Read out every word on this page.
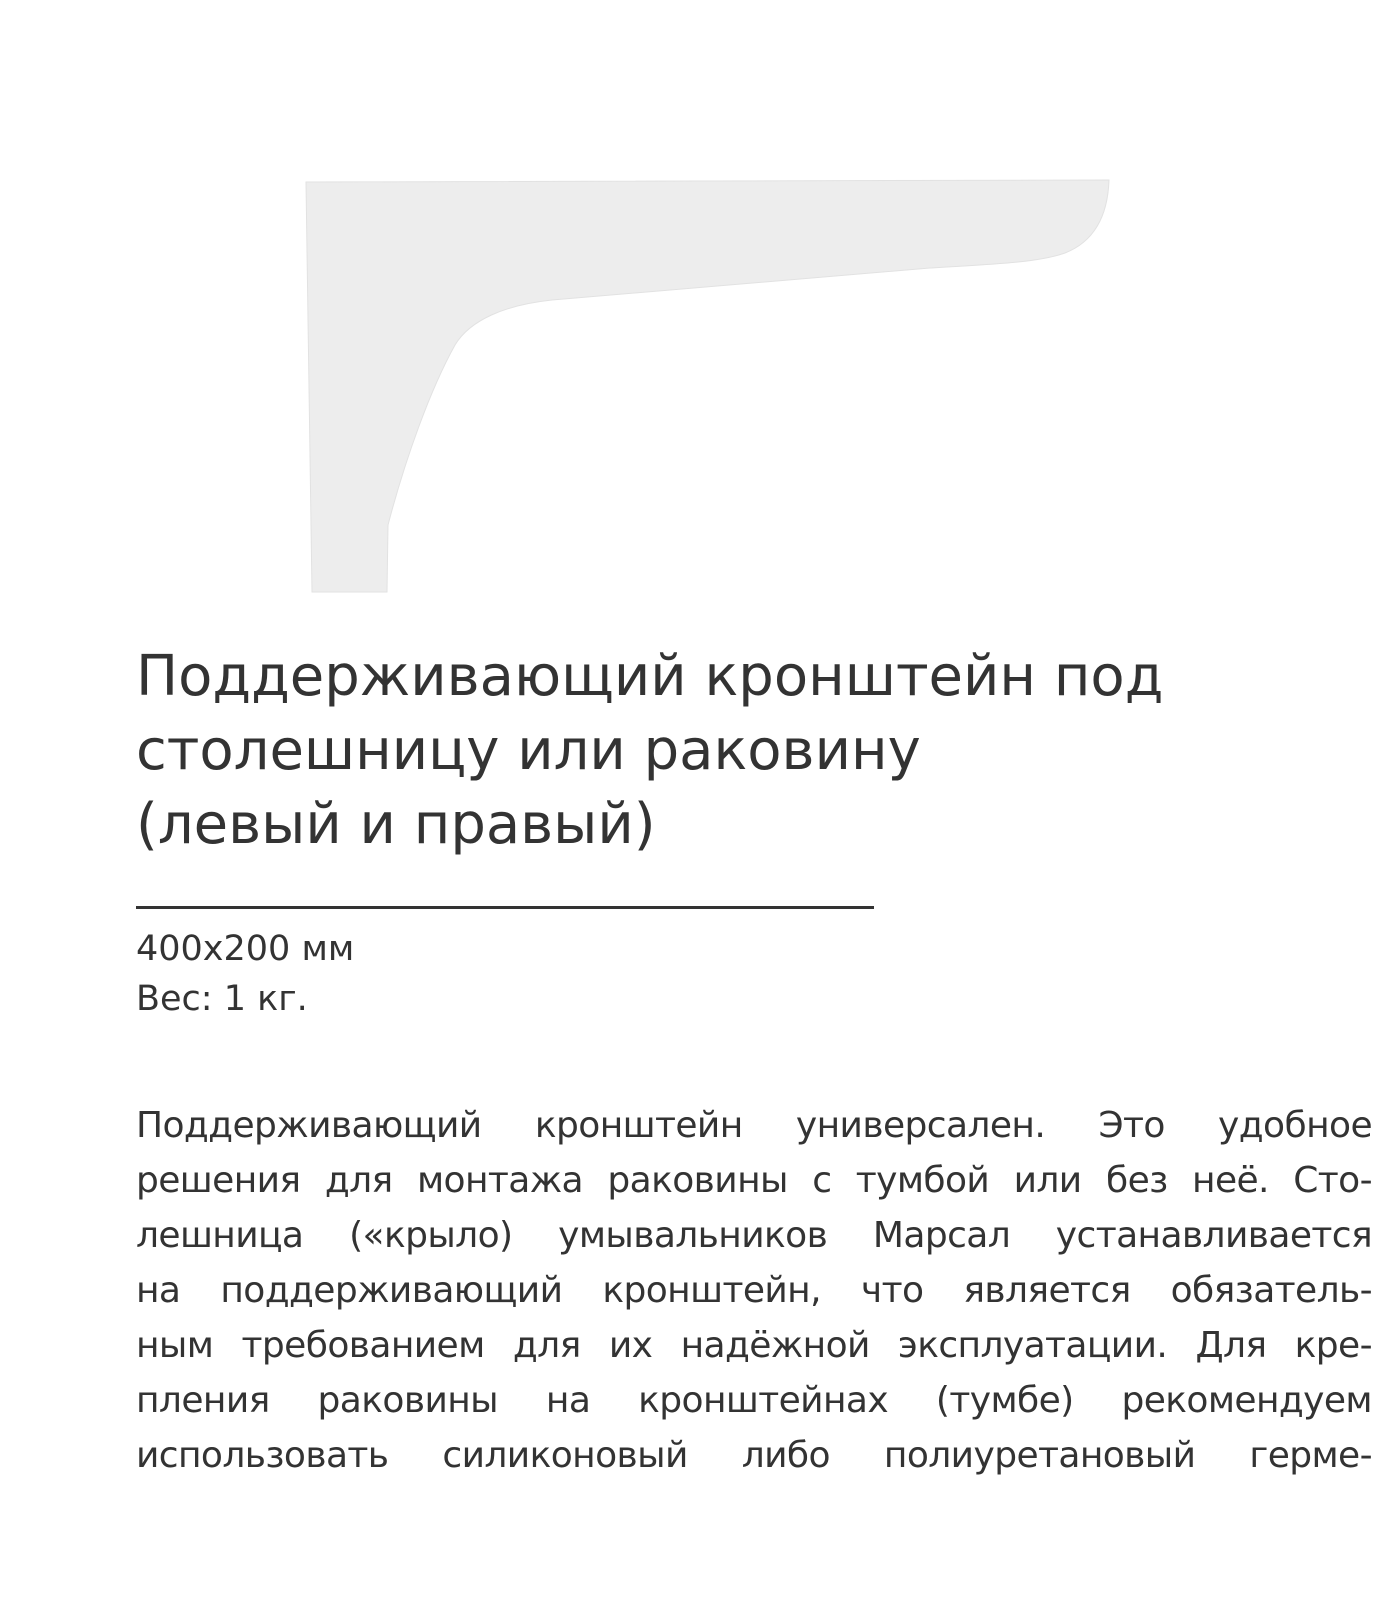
Поддерживающий кронштейн под
столешницу или раковину
(левый и правый)
400x200 мм
Вес: 1 кг.
Поддерживающий кронштейн универсален. Это удобное
решения для монтажа раковины с тумбой или без неё. Сто-
лешница («крыло) умывальников Марсал устанавливается
на поддерживающий кронштейн, что является обязатель-
ным требованием для их надёжной эксплуатации. Для кре-
пления раковины на кронштейнах (тумбе) рекомендуем
использовать силиконовый либо полиуретановый герме-
